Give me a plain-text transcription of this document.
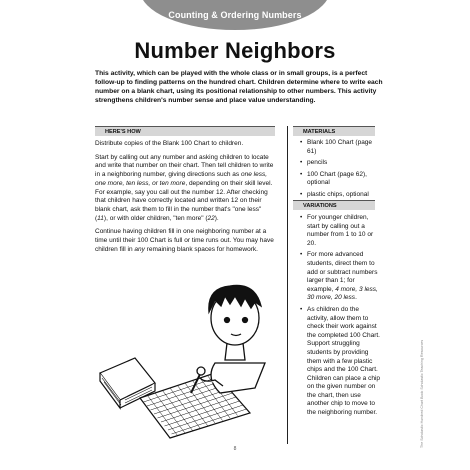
Counting & Ordering Numbers
Number Neighbors
This activity, which can be played with the whole class or in small groups, is a perfect follow-up to finding patterns on the hundred chart. Children determine where to write each number on a blank chart, using its positional relationship to other numbers. This activity strengthens children's number sense and place value understanding.
HERE'S HOW

Distribute copies of the Blank 100 Chart to children.

Start by calling out any number and asking children to locate and write that number on their chart. Then tell children to write in a neighboring number, giving directions such as one less, one more, ten less, or ten more, depending on their skill level. For example, say you call out the number 12. After checking that children have correctly located and written 12 on their blank chart, ask them to fill in the number that's "one less" (11), or with older children, "ten more" (22).

Continue having children fill in one neighboring number at a time until their 100 Chart is full or time runs out. You may have children fill in any remaining blank spaces for homework.

MATERIALS
• Blank 100 Chart (page 61)
• pencils
• 100 Chart (page 62), optional
• plastic chips, optional
VARIATIONS
• For younger children, start by calling out a number from 1 to 10 or 20.
• For more advanced students, direct them to add or subtract numbers larger than 1; for example, 4 more, 3 less, 30 more, 20 less.
• As children do the activity, allow them to check their work against the completed 100 Chart. Support struggling students by providing them with a few plastic chips and the 100 Chart. Children can place a chip on the given number on the chart, then use another chip to move to the neighboring number.
8
The Scholastic Hundred Chart Book Scholastic Teaching Resources
